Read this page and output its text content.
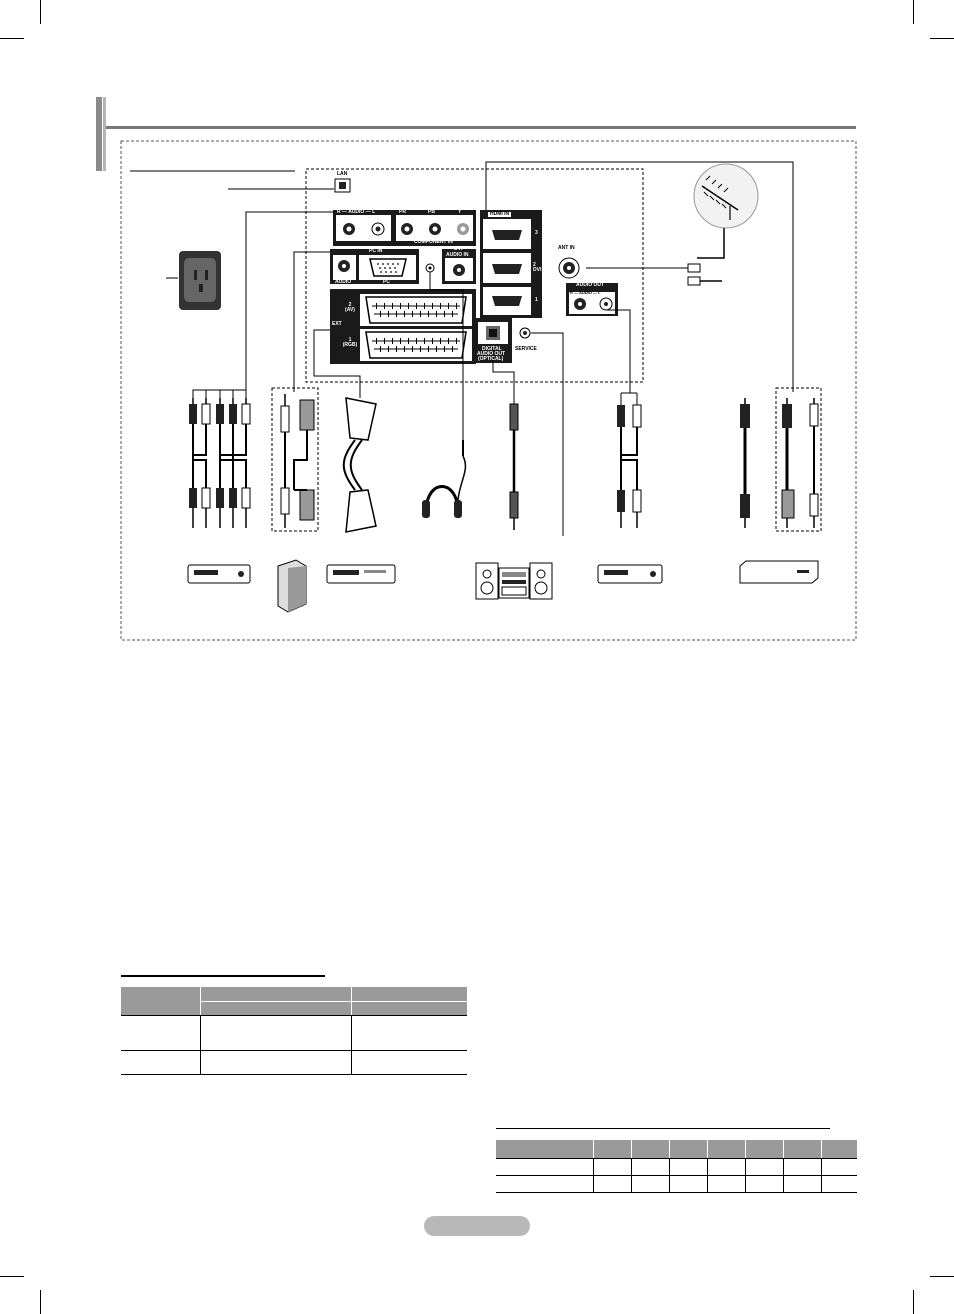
LAN
R — AUDIO — L	PR	PB	Y
COMPONENT IN
PC IN
AUDIO	PC
DVI
AUDIO IN
EXT
2 (AV)
1 (RGB)
HDMI IN
3
2 DVI
1
ANT IN
AUDIO OUT
R — AUDIO — L
DIGITAL
AUDIO OUT
(OPTICAL)
SERVICE
